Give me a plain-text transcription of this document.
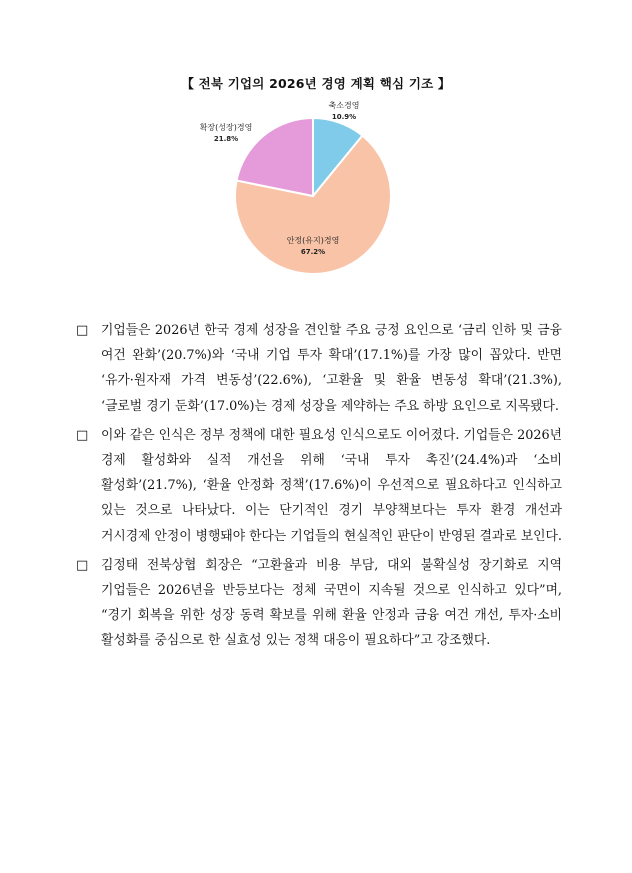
【 전북 기업의 2026년 경영 계획 핵심 기조 】
축소경영
10.9%
안정(유지)경영
67.2%
확장(성장)경영
21.8%
□ 기업들은 2026년 한국 경제 성장을 견인할 주요 긍정 요인으로 ‘금리 인하 및 금융 여건 완화’(20.7%)와 ‘국내 기업 투자 확대’(17.1%)를 가장 많이 꼽았다. 반면 ‘유가·원자재 가격 변동성’(22.6%), ‘고환율 및 환율 변동성 확대’(21.3%), ‘글로벌 경기 둔화’(17.0%)는 경제 성장을 제약하는 주요 하방 요인으로 지목됐다.
□ 이와 같은 인식은 정부 정책에 대한 필요성 인식으로도 이어졌다. 기업들은 2026년 경제 활성화와 실적 개선을 위해 ‘국내 투자 촉진’(24.4%)과 ‘소비 활성화’(21.7%), ‘환율 안정화 정책’(17.6%)이 우선적으로 필요하다고 인식하고 있는 것으로 나타났다. 이는 단기적인 경기 부양책보다는 투자 환경 개선과 거시경제 안정이 병행돼야 한다는 기업들의 현실적인 판단이 반영된 결과로 보인다.
□ 김정태 전북상협 회장은 “고환율과 비용 부담, 대외 불확실성 장기화로 지역 기업들은 2026년을 반등보다는 정체 국면이 지속될 것으로 인식하고 있다”며, “경기 회복을 위한 성장 동력 확보를 위해 환율 안정과 금융 여건 개선, 투자·소비 활성화를 중심으로 한 실효성 있는 정책 대응이 필요하다”고 강조했다.
